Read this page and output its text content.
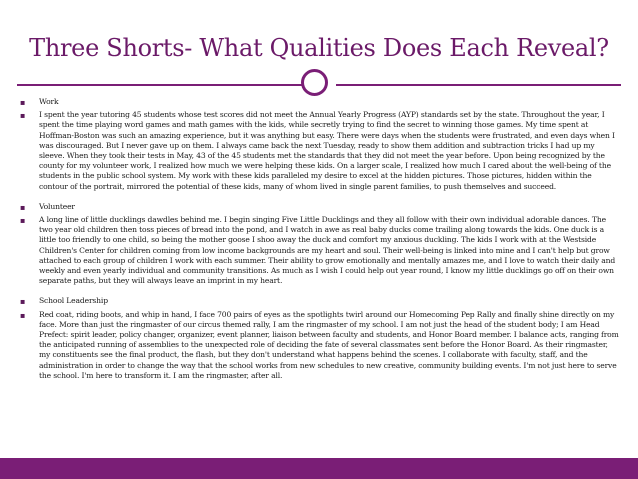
Three Shorts- What Qualities Does Each Reveal?
▪ Work
▪ I spent the year tutoring 45 students whose test scores did not meet the Annual Yearly Progress (AYP) standards set by the state. Throughout the year, I spent the time playing word games and math games with the kids, while secretly trying to find the secret to winning those games. My time spent at Hoffman-Boston was such an amazing experience, but it was anything but easy. There were days when the students were frustrated, and even days when I was discouraged. But I never gave up on them. I always came back the next Tuesday, ready to show them addition and subtraction tricks I had up my sleeve. When they took their tests in May, 43 of the 45 students met the standards that they did not meet the year before. Upon being recognized by the county for my volunteer work, I realized how much we were helping these kids. On a larger scale, I realized how much I cared about the well-being of the students in the public school system. My work with these kids paralleled my desire to excel at the hidden pictures. Those pictures, hidden within the contour of the portrait, mirrored the potential of these kids, many of whom lived in single parent families, to push themselves and succeed.
▪ Volunteer
▪ A long line of little ducklings dawdles behind me. I begin singing Five Little Ducklings and they all follow with their own individual adorable dances. The two year old children then toss pieces of bread into the pond, and I watch in awe as real baby ducks come trailing along towards the kids. One duck is a little too friendly to one child, so being the mother goose I shoo away the duck and comfort my anxious duckling. The kids I work with at the Westside Children's Center for children coming from low income backgrounds are my heart and soul. Their well-being is linked into mine and I can't help but grow attached to each group of children I work with each summer. Their ability to grow emotionally and mentally amazes me, and I love to watch their daily and weekly and even yearly individual and community transitions. As much as I wish I could help out year round, I know my little ducklings go off on their own separate paths, but they will always leave an imprint in my heart.
▪ School Leadership
▪ Red coat, riding boots, and whip in hand, I face 700 pairs of eyes as the spotlights twirl around our Homecoming Pep Rally and finally shine directly on my face. More than just the ringmaster of our circus themed rally, I am the ringmaster of my school. I am not just the head of the student body; I am Head Prefect: spirit leader, policy changer, organizer, event planner, liaison between faculty and students, and Honor Board member. I balance acts, ranging from the anticipated running of assemblies to the unexpected role of deciding the fate of several classmates sent before the Honor Board. As their ringmaster, my constituents see the final product, the flash, but they don't understand what happens behind the scenes. I collaborate with faculty, staff, and the administration in order to change the way that the school works from new schedules to new creative, community building events. I'm not just here to serve the school. I'm here to transform it. I am the ringmaster, after all.
